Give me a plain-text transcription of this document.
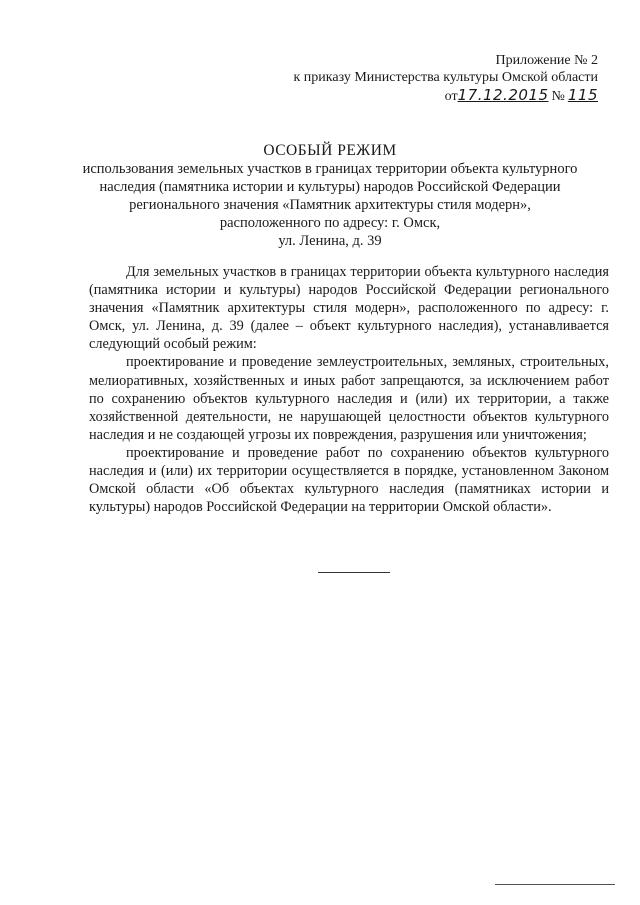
Приложение № 2
к приказу Министерства культуры Омской области
от17.12.2015 № 115
ОСОБЫЙ РЕЖИМ
использования земельных участков в границах территории объекта культурного
наследия (памятника истории и культуры) народов Российской Федерации
регионального значения «Памятник архитектуры стиля модерн»,
расположенного по адресу: г. Омск,
ул. Ленина, д. 39

Для земельных участков в границах территории объекта культурного наследия (памятника истории и культуры) народов Российской Федерации регионального значения «Памятник архитектуры стиля модерн», расположенного по адресу: г. Омск, ул. Ленина, д. 39 (далее – объект культурного наследия), устанавливается следующий особый режим:

проектирование и проведение землеустроительных, земляных, строительных, мелиоративных, хозяйственных и иных работ запрещаются, за исключением работ по сохранению объектов культурного наследия и (или) их территории, а также хозяйственной деятельности, не нарушающей целостности объектов культурного наследия и не создающей угрозы их повреждения, разрушения или уничтожения;

проектирование и проведение работ по сохранению объектов культурного наследия и (или) их территории осуществляется в порядке, установленном Законом Омской области «Об объектах культурного наследия (памятниках истории и культуры) народов Российской Федерации на территории Омской области».
